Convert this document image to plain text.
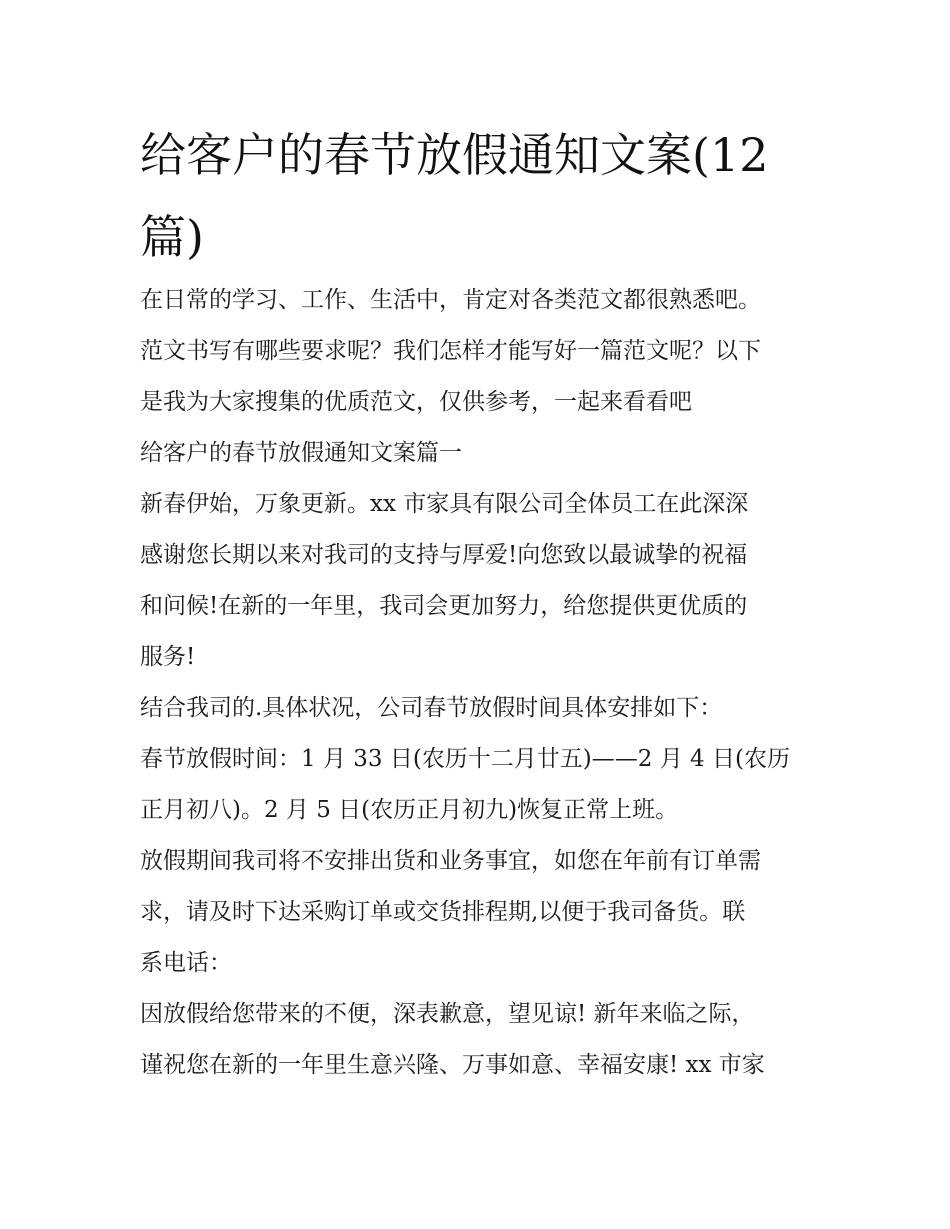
给客户的春节放假通知文案(12
篇)
在日常的学习、工作、生活中，肯定对各类范文都很熟悉吧。
范文书写有哪些要求呢？我们怎样才能写好一篇范文呢？以下
是我为大家搜集的优质范文，仅供参考，一起来看看吧
给客户的春节放假通知文案篇一
新春伊始，万象更新。xx 市家具有限公司全体员工在此深深
感谢您长期以来对我司的支持与厚爱!向您致以最诚挚的祝福
和问候!在新的一年里，我司会更加努力，给您提供更优质的
服务!
结合我司的.具体状况，公司春节放假时间具体安排如下：
春节放假时间：1 月 33 日(农历十二月廿五)——2 月 4 日(农历
正月初八)。2 月 5 日(农历正月初九)恢复正常上班。
放假期间我司将不安排出货和业务事宜，如您在年前有订单需
求，请及时下达采购订单或交货排程期,以便于我司备货。联
系电话：
因放假给您带来的不便，深表歉意，望见谅! 新年来临之际，
谨祝您在新的一年里生意兴隆、万事如意、幸福安康! xx 市家
